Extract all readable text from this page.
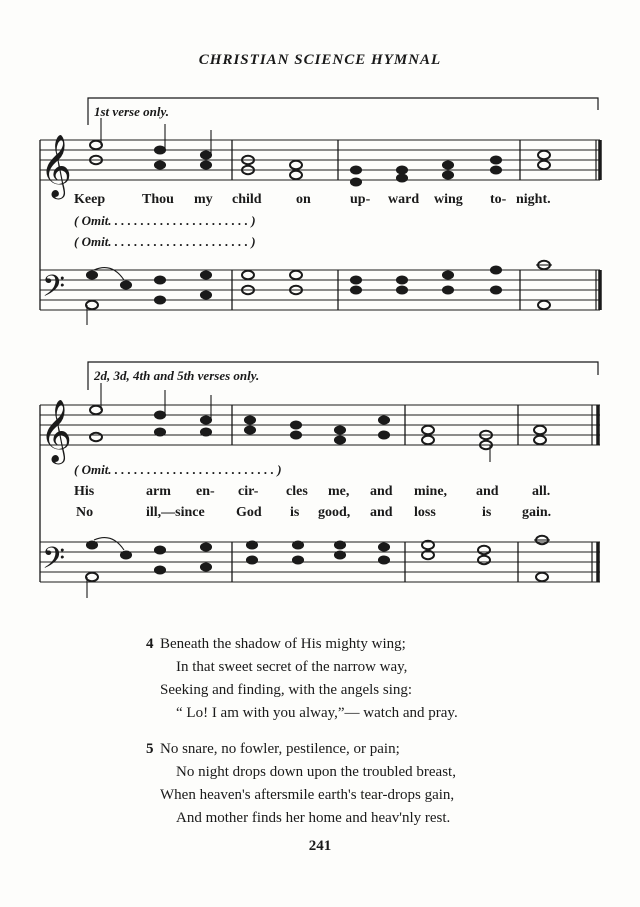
CHRISTIAN SCIENCE HYMNAL
𝄞
𝄢
𝄞
𝄢
1st verse only.
Keep	Thou my child on	up- ward wing to- night.
( Omit. . . . . . . . . . . . . . . . . . . . . . )
( Omit. . . . . . . . . . . . . . . . . . . . . . )
2d, 3d, 4th and 5th verses only.
( Omit. . . . . . . . . . . . . . . . . . . . . . . . . . )
His	arm en- cir- cles me, and mine, and all.
No	ill,—since God is good, and loss	is gain.
4 Beneath the shadow of His mighty wing;
In that sweet secret of the narrow way,
Seeking and finding, with the angels sing:
“ Lo! I am with you alway,”— watch and pray.
5 No snare, no fowler, pestilence, or pain;
No night drops down upon the troubled breast,
When heaven's aftersmile earth's tear-drops gain,
And mother finds her home and heav'nly rest.
241
